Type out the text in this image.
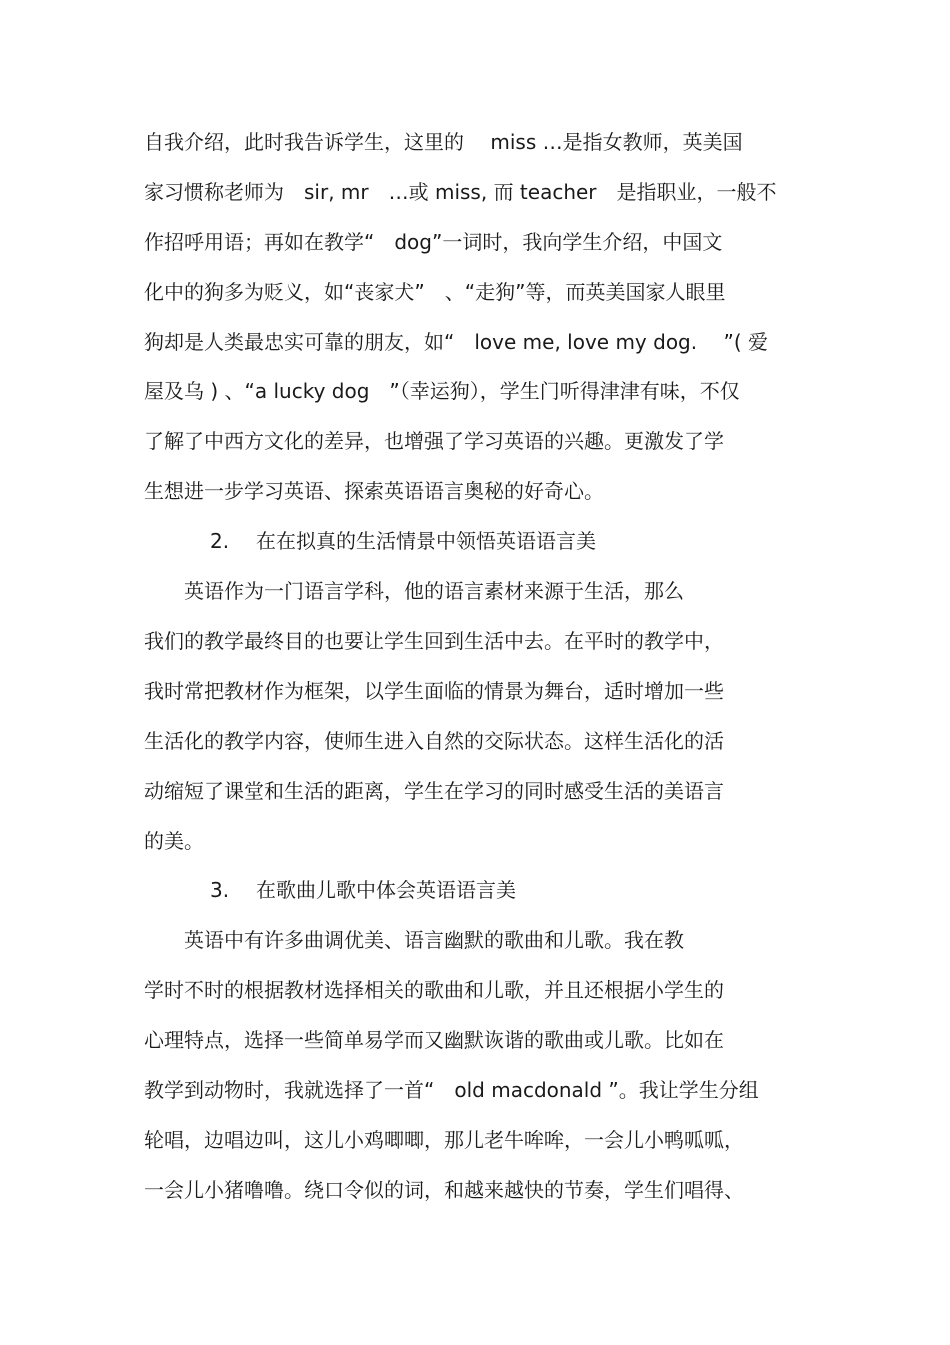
自我介绍，此时我告诉学生，这里的　 miss …是指女教师，英美国
家习惯称老师为　sir, mr　…或 miss, 而 teacher　是指职业，一般不
作招呼用语；再如在教学“　dog”一词时，我向学生介绍，中国文
化中的狗多为贬义，如“丧家犬”　、“走狗”等，而英美国家人眼里
狗却是人类最忠实可靠的朋友，如“　love me, love my dog.　 ”( 爱
屋及乌 ) 、“a lucky dog　”（幸运狗），学生门听得津津有味，不仅
了解了中西方文化的差异，也增强了学习英语的兴趣。更激发了学
生想进一步学习英语、探索英语语言奥秘的好奇心。
2. 在在拟真的生活情景中领悟英语语言美
　　英语作为一门语言学科，他的语言素材来源于生活，那么
我们的教学最终目的也要让学生回到生活中去。在平时的教学中，
我时常把教材作为框架，以学生面临的情景为舞台，适时增加一些
生活化的教学内容，使师生进入自然的交际状态。这样生活化的活
动缩短了课堂和生活的距离，学生在学习的同时感受生活的美语言
的美。
3. 在歌曲儿歌中体会英语语言美
　　英语中有许多曲调优美、语言幽默的歌曲和儿歌。我在教
学时不时的根据教材选择相关的歌曲和儿歌，并且还根据小学生的
心理特点，选择一些简单易学而又幽默诙谐的歌曲或儿歌。比如在
教学到动物时，我就选择了一首“　old macdonald ”。我让学生分组
轮唱，边唱边叫，这儿小鸡唧唧，那儿老牛哞哞，一会儿小鸭呱呱，
一会儿小猪噜噜。绕口令似的词，和越来越快的节奏，学生们唱得、
